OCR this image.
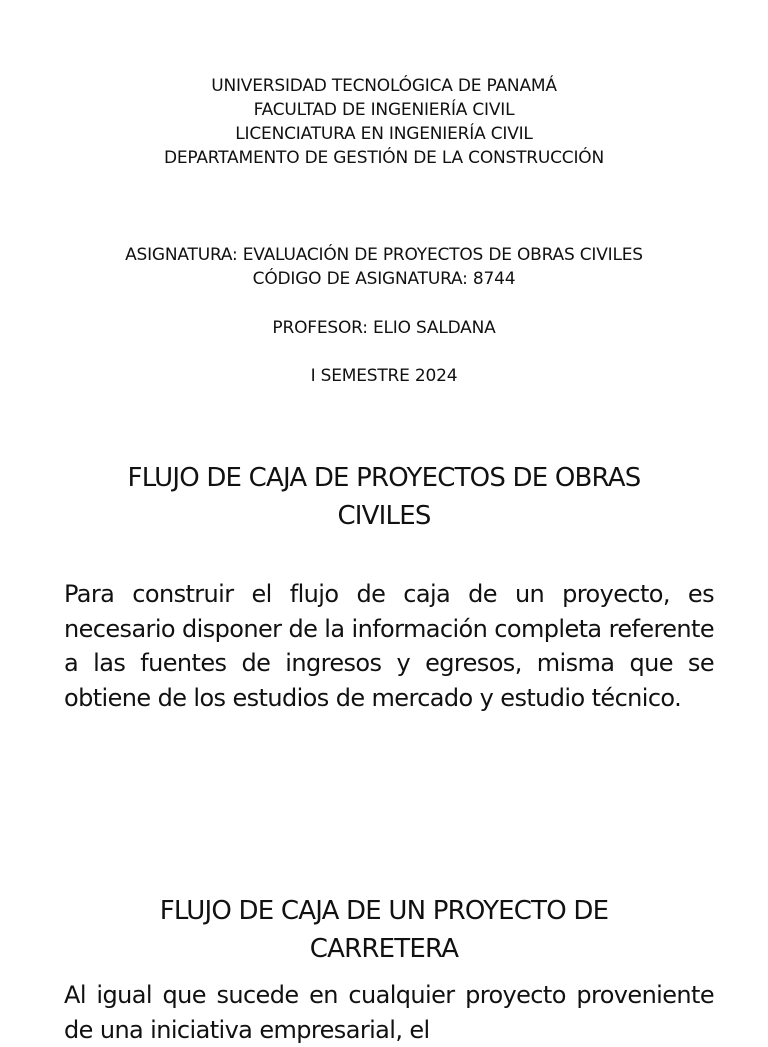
UNIVERSIDAD TECNOLÓGICA DE PANAMÁ
FACULTAD DE INGENIERÍA CIVIL
LICENCIATURA EN INGENIERÍA CIVIL
DEPARTAMENTO DE GESTIÓN DE LA CONSTRUCCIÓN
ASIGNATURA: EVALUACIÓN DE PROYECTOS DE OBRAS CIVILES
CÓDIGO DE ASIGNATURA: 8744
PROFESOR: ELIO SALDANA
I SEMESTRE 2024
FLUJO DE CAJA DE PROYECTOS DE OBRAS
CIVILES
Para construir el flujo de caja de un proyecto, es necesario disponer de la información completa referente a las fuentes de ingresos y egresos, misma que se obtiene de los estudios de mercado y estudio técnico.
FLUJO DE CAJA DE UN PROYECTO DE
CARRETERA
Al igual que sucede en cualquier proyecto proveniente de una iniciativa empresarial, el
